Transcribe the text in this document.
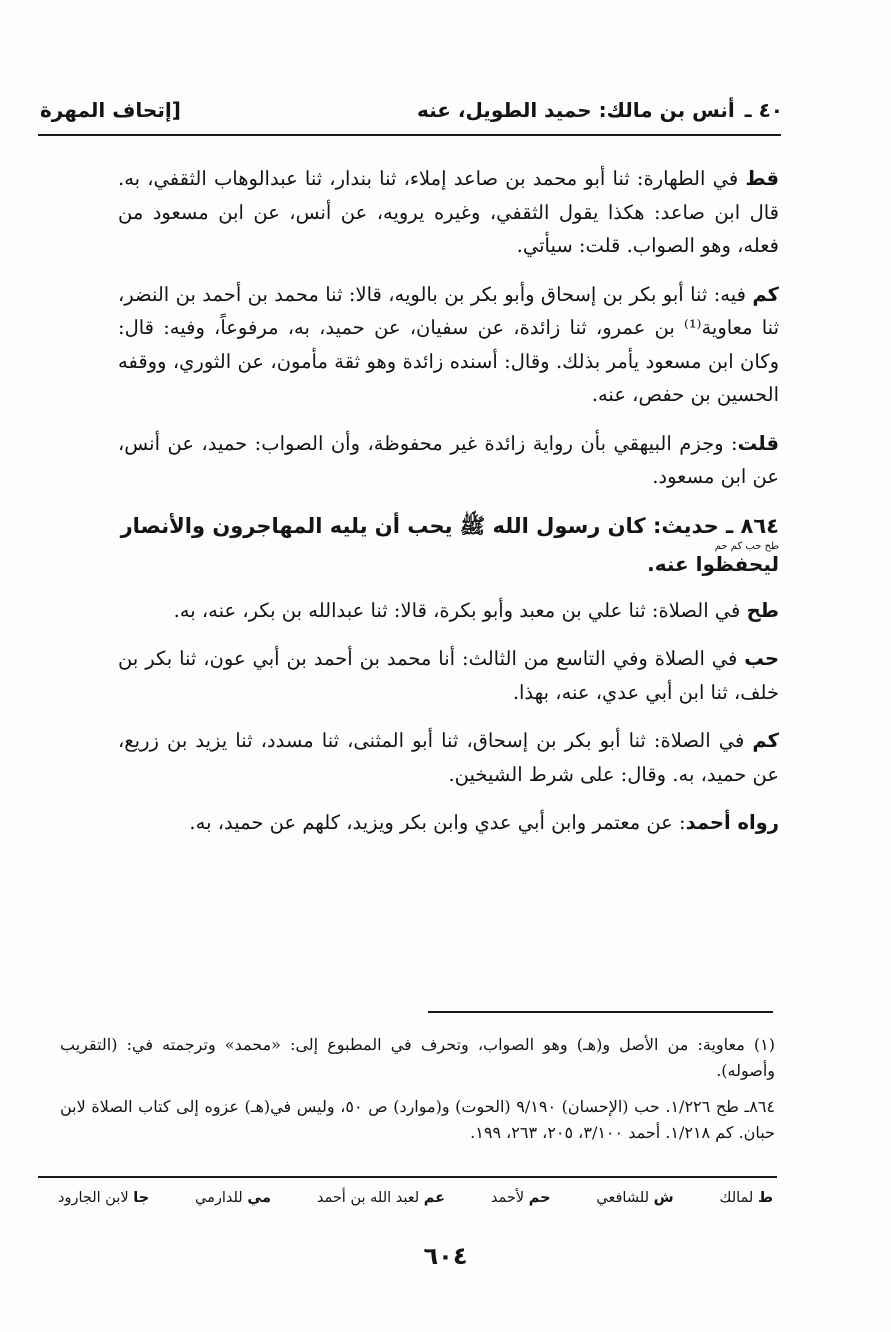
٤٠ ـ
أنس بن مالك: حميد الطويل، عنه
[إتحاف المهرة

قط في الطهارة: ثنا أبو محمد بن صاعد إملاء، ثنا بندار، ثنا عبدالوهاب الثقفي، به. قال ابن صاعد: هكذا يقول الثقفي، وغيره يرويه، عن أنس، عن ابن مسعود من فعله، وهو الصواب. قلت: سيأتي.

كم فيه: ثنا أبو بكر بن إسحاق وأبو بكر بن بالويه، قالا: ثنا محمد بن أحمد بن النضر، ثنا معاوية⁽¹⁾ بن عمرو، ثنا زائدة، عن سفيان، عن حميد، به، مرفوعاً، وفيه: قال: وكان ابن مسعود يأمر بذلك. وقال: أسنده زائدة وهو ثقة مأمون، عن الثوري، ووقفه الحسين بن حفص، عنه.

قلت: وجزم البيهقي بأن رواية زائدة غير محفوظة، وأن الصواب: حميد، عن أنس، عن ابن مسعود.

٨٦٤ ـ حديث: كان رسول الله ﷺ يحب أن يليه المهاجرون والأنصار
طح حب كم حم
ليحفظوا عنه.

طح في الصلاة: ثنا علي بن معبد وأبو بكرة، قالا: ثنا عبدالله بن بكر، عنه، به.

حب في الصلاة وفي التاسع من الثالث: أنا محمد بن أحمد بن أبي عون، ثنا بكر بن خلف، ثنا ابن أبي عدي، عنه، بهذا.

كم في الصلاة: ثنا أبو بكر بن إسحاق، ثنا أبو المثنى، ثنا مسدد، ثنا يزيد بن زريع، عن حميد، به. وقال: على شرط الشيخين.

رواه أحمد: عن معتمر وابن أبي عدي وابن بكر ويزيد، كلهم عن حميد، به.

(١) معاوية: من الأصل و(هـ) وهو الصواب، وتحرف في المطبوع إلى: «محمد» وترجمته في: (التقريب وأصوله).

٨٦٤ـ طح ١/٢٢٦. حب (الإحسان) ٩/١٩٠ (الحوت) و(موارد) ص ٥٠، وليس في(هـ) عزوه إلى كتاب الصلاة لابن حبان. كم ١/٢١٨. أحمد ٣/١٠٠، ٢٠٥، ٢٦٣، ١٩٩.

ط لمالك
ش للشافعي
حم لأحمد
عم لعبد الله بن أحمد
مي للدارمي
جا لابن الجارود
٦٠٤
